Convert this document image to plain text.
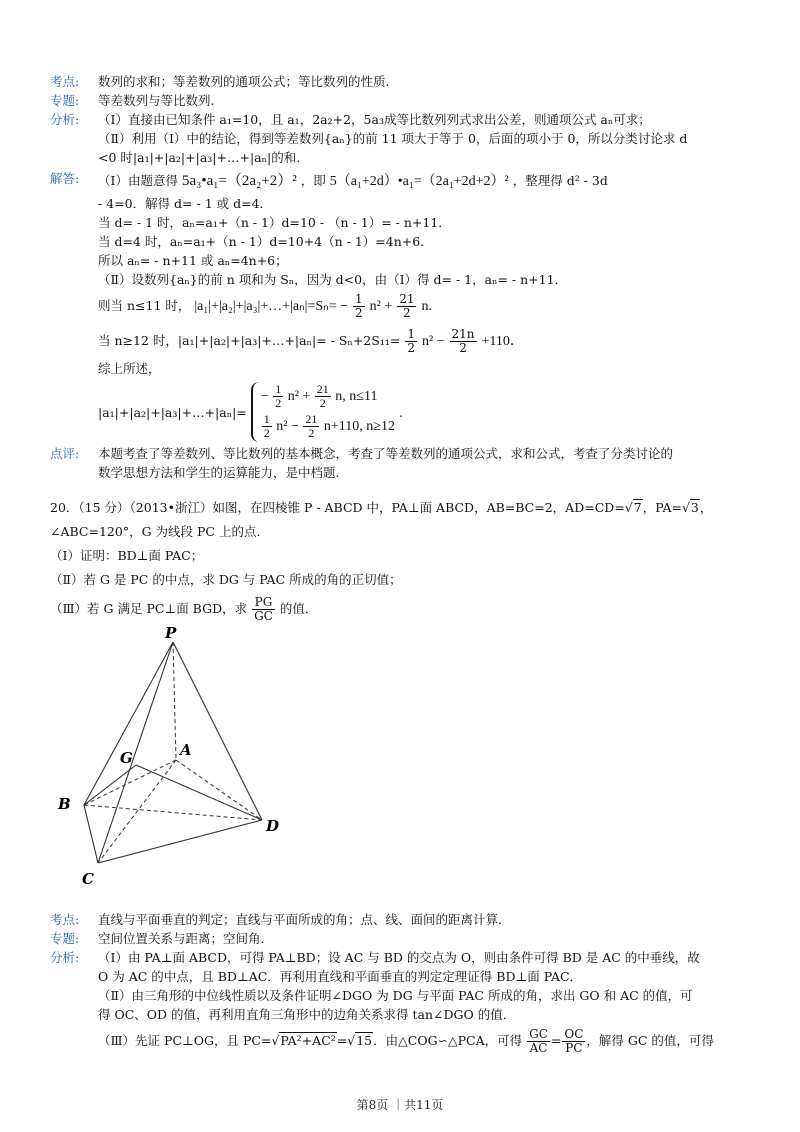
考点:	数列的求和；等差数列的通项公式；等比数列的性质.
专题:	等差数列与等比数列.
分析:	（Ⅰ）直接由已知条件 a₁=10，且 a₁，2a₂+2，5a₃成等比数列列式求出公差，则通项公式 aₙ可求；
（Ⅱ）利用（Ⅰ）中的结论，得到等差数列{aₙ}的前 11 项大于等于 0，后面的项小于 0，所以分类讨论求 d
<0 时|a₁|+|a₂|+|a₃|+…+|aₙ|的和.
解答:	（Ⅰ）由题意得 5a₃•a₁=（2a₂+2）² ，即 5（a₁+2d）•a₁=（2a₁+2d+2）² ，整理得 d² - 3d
- 4=0．解得 d= - 1 或 d=4．
当 d= - 1 时，aₙ=a₁+（n - 1）d=10 - （n - 1）= - n+11．
当 d=4 时，aₙ=a₁+（n - 1）d=10+4（n - 1）=4n+6．
所以 aₙ= - n+11 或 aₙ=4n+6；
（Ⅱ）设数列{aₙ}的前 n 项和为 Sₙ，因为 d<0，由（Ⅰ）得 d= - 1，aₙ= - n+11．
则当 n≤11 时， |a₁|+|a₂|+|a₃|+…+|aₙ|=Sₙ= − $\frac{1}{2} n^2 + \frac{21}{2} n$.
当 n≥12 时，|a₁|+|a₂|+|a₃|+…+|aₙ|= - $S_n+2S_{11}= \frac{1}{2} n^2 - \frac{21n}{2} +110$．
综上所述，
|a₁|+|a₂|+|a₃|+…+|aₙ|=
− $\frac{1}{2} n^2 + \frac{21}{2} n$, n≤11
$\frac{1}{2} n^2 - \frac{21}{2} n+110$, n≥12
.
点评:	本题考查了等差数列、等比数列的基本概念，考查了等差数列的通项公式，求和公式，考查了分类讨论的
数学思想方法和学生的运算能力，是中档题.
20．（15 分）（2013•浙江）如图，在四棱锥 P - ABCD 中，PA⊥面 ABCD，AB=BC=2，AD=CD=√7，PA=√3，
∠ABC=120°，G 为线段 PC 上的点．
（Ⅰ）证明：BD⊥面 PAC；
（Ⅱ）若 G 是 PC 的中点，求 DG 与 PAC 所成的角的正切值；
（Ⅲ）若 G 满足 PC⊥面 BGD，求 $\frac{PG}{GC}$ 的值．
P
A
G
B
C
D
考点:	直线与平面垂直的判定；直线与平面所成的角；点、线、面间的距离计算．
专题:	空间位置关系与距离；空间角．
分析:	（Ⅰ）由 PA⊥面 ABCD，可得 PA⊥BD；设 AC 与 BD 的交点为 O，则由条件可得 BD 是 AC 的中垂线，故
O 为 AC 的中点，且 BD⊥AC．再利用直线和平面垂直的判定定理证得 BD⊥面 PAC．
（Ⅱ）由三角形的中位线性质以及条件证明∠DGO 为 DG 与平面 PAC 所成的角，求出 GO 和 AC 的值，可
得 OC、OD 的值，再利用直角三角形中的边角关系求得 tan∠DGO 的值．
（Ⅲ）先证 PC⊥OG，且 PC=√PA²+AC²=√15．由△COG∽△PCA，可得 $\frac{GC}{AC} = \frac{OC}{PC}$ ，解得 GC 的值，可得
第8页 ｜共11页
